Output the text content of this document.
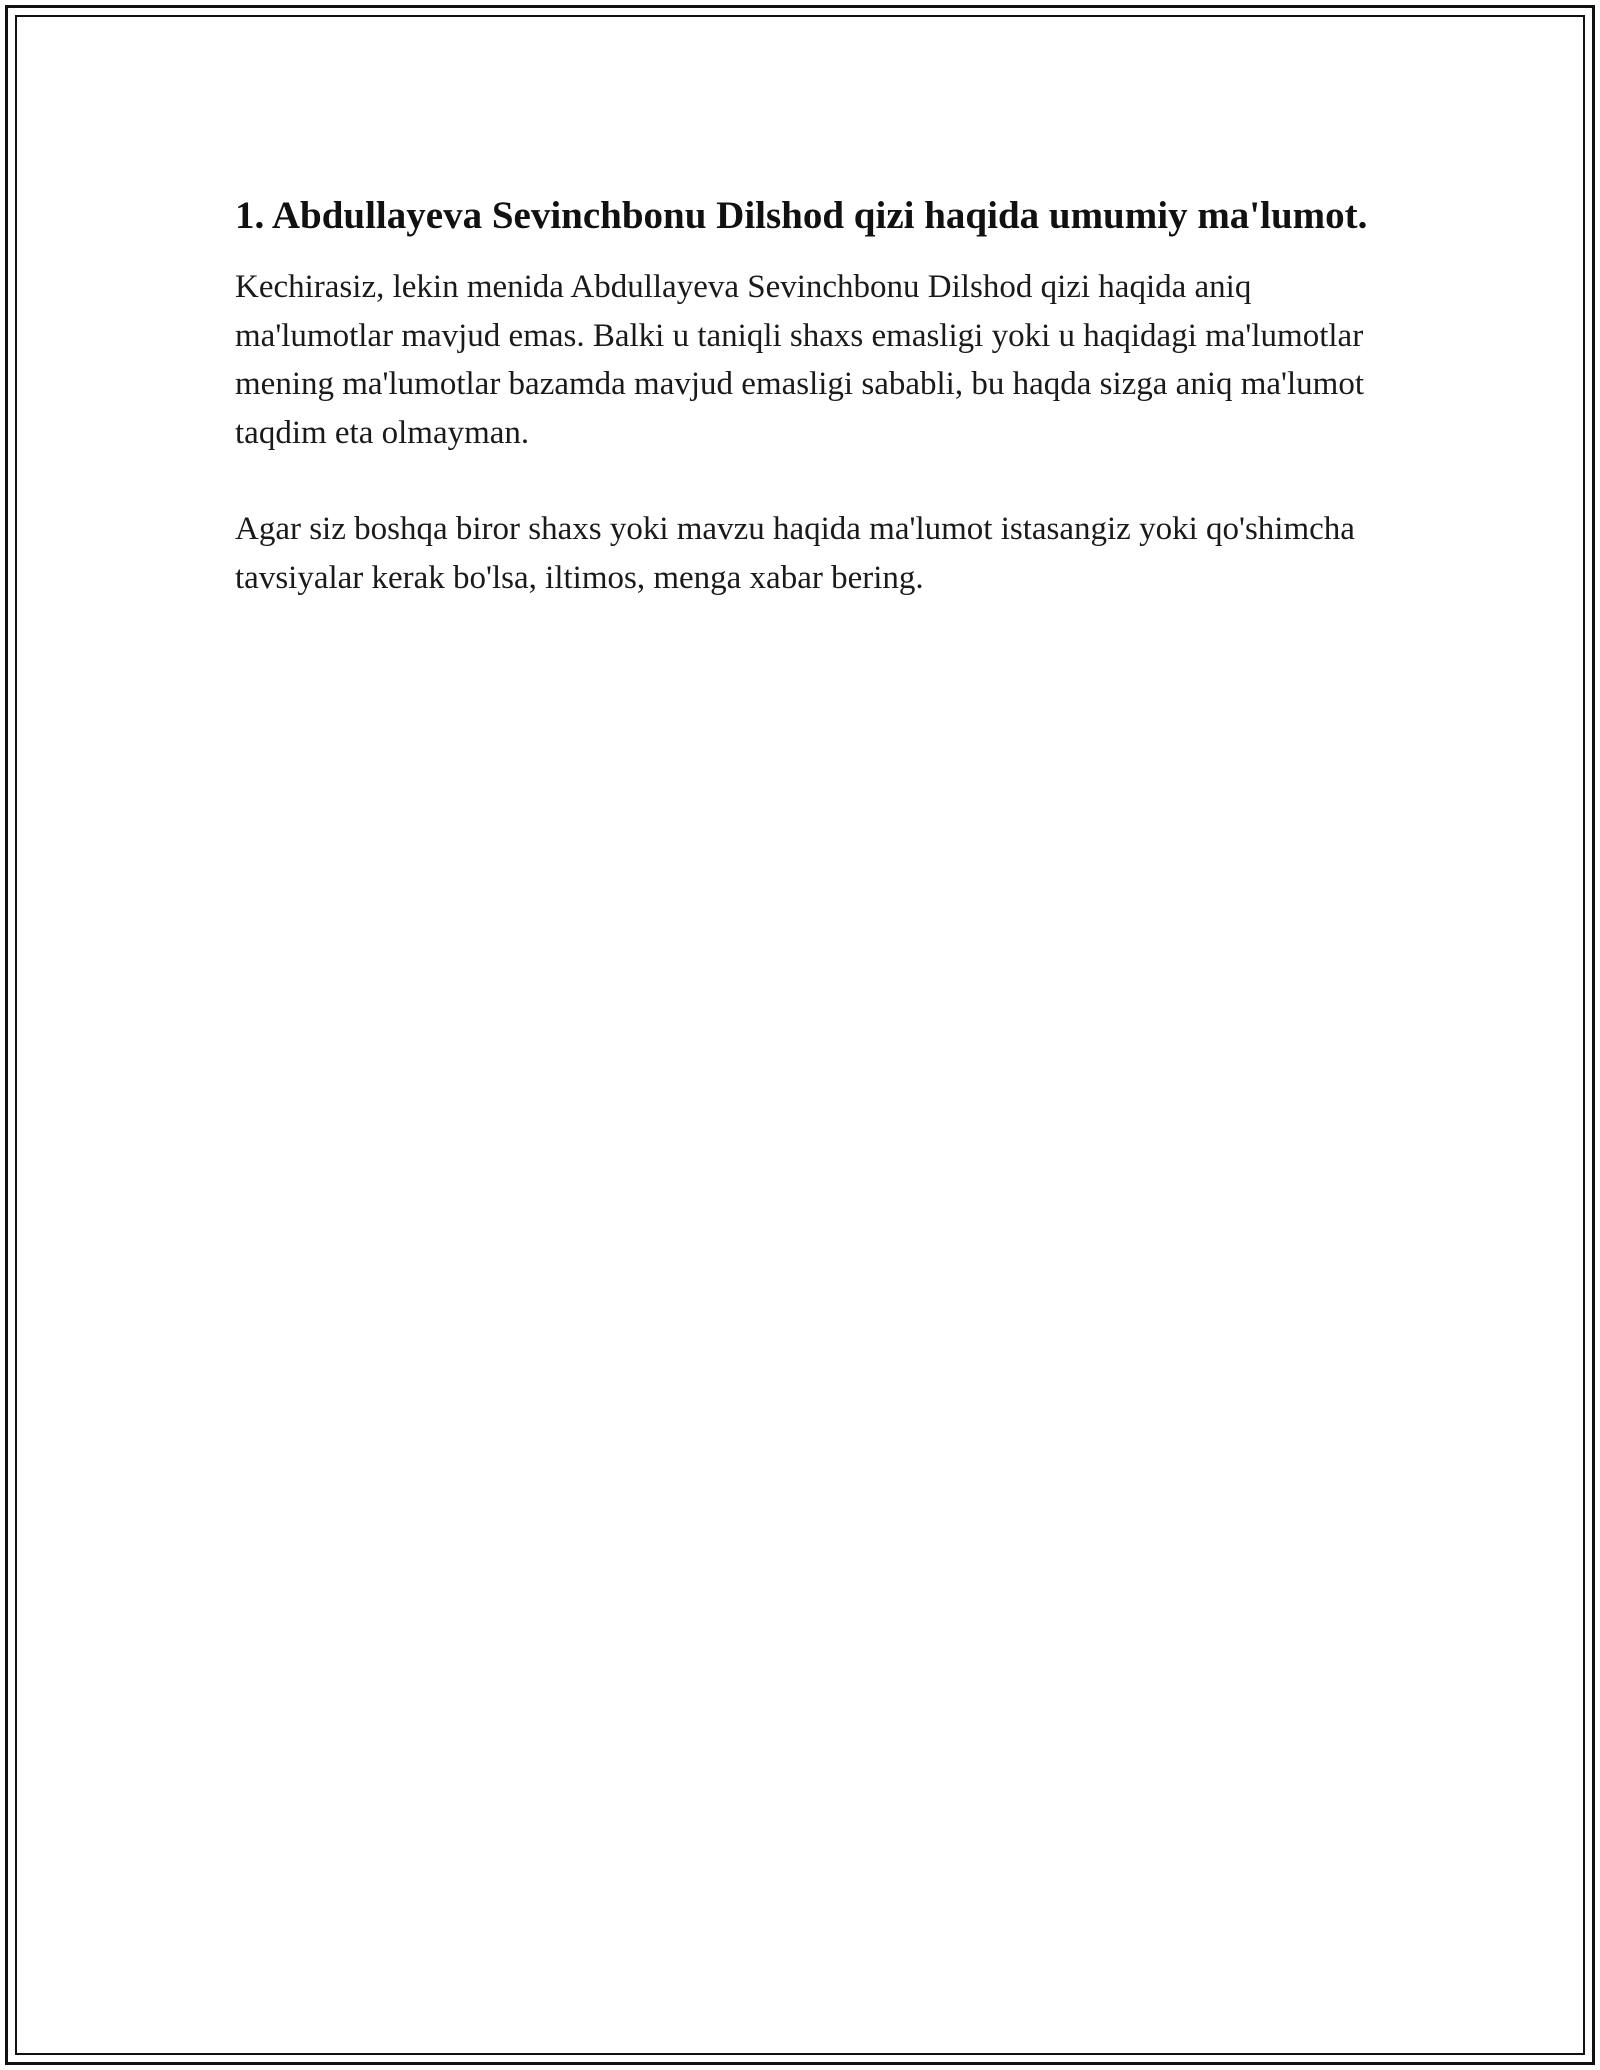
1. Abdullayeva Sevinchbonu Dilshod qizi haqida umumiy ma'lumot.

Kechirasiz, lekin menida Abdullayeva Sevinchbonu Dilshod qizi haqida aniq ma'lumotlar mavjud emas. Balki u taniqli shaxs emasligi yoki u haqidagi ma'lumotlar mening ma'lumotlar bazamda mavjud emasligi sababli, bu haqda sizga aniq ma'lumot taqdim eta olmayman.

Agar siz boshqa biror shaxs yoki mavzu haqida ma'lumot istasangiz yoki qo'shimcha tavsiyalar kerak bo'lsa, iltimos, menga xabar bering.
